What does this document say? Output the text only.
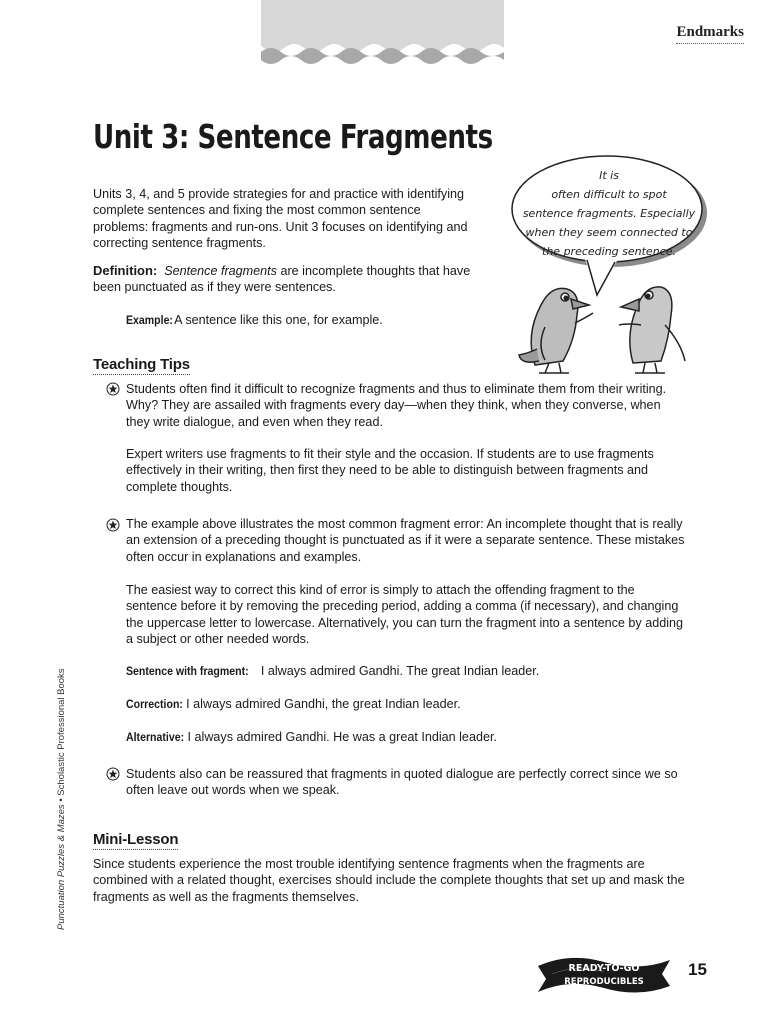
Endmarks
Unit 3: Sentence Fragments
Units 3, 4, and 5 provide strategies for and practice with identifying complete sentences and fixing the most common sentence problems: fragments and run-ons. Unit 3 focuses on identifying and correcting sentence fragments.
Definition: Sentence fragments are incomplete thoughts that have been punctuated as if they were sentences.
Example: A sentence like this one, for example.
It is
often difficult to spot
sentence fragments. Especially
when they seem connected to
the preceding sentence.
Teaching Tips
Students often find it difficult to recognize fragments and thus to eliminate them from their writing. Why? They are assailed with fragments every day—when they think, when they converse, when they write dialogue, and even when they read.
Expert writers use fragments to fit their style and the occasion. If students are to use fragments effectively in their writing, then first they need to be able to distinguish between fragments and complete thoughts.
The example above illustrates the most common fragment error: An incomplete thought that is really an extension of a preceding thought is punctuated as if it were a separate sentence. These mistakes often occur in explanations and examples.
The easiest way to correct this kind of error is simply to attach the offending fragment to the sentence before it by removing the preceding period, adding a comma (if necessary), and changing the uppercase letter to lowercase. Alternatively, you can turn the fragment into a sentence by adding a subject or other needed words.
Sentence with fragment: I always admired Gandhi. The great Indian leader.
Correction: I always admired Gandhi, the great Indian leader.
Alternative: I always admired Gandhi. He was a great Indian leader.
Students also can be reassured that fragments in quoted dialogue are perfectly correct since we so often leave out words when we speak.
Mini-Lesson
Since students experience the most trouble identifying sentence fragments when the fragments are combined with a related thought, exercises should include the complete thoughts that set up and mask the fragments as well as the fragments themselves.
Punctuation Puzzles & Mazes • Scholastic Professional Books
READY-TO-GO
REPRODUCIBLES
15
